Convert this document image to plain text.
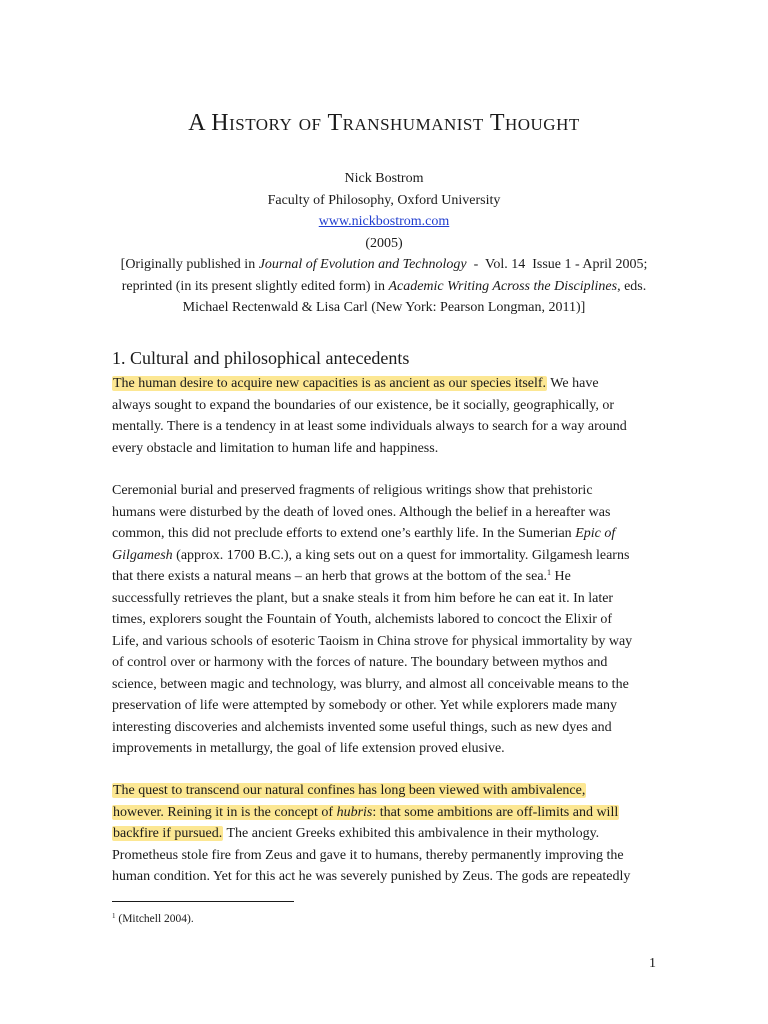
A History of Transhumanist Thought
Nick Bostrom
Faculty of Philosophy, Oxford University
www.nickbostrom.com
(2005)
[Originally published in Journal of Evolution and Technology  -  Vol. 14  Issue 1 - April 2005;
reprinted (in its present slightly edited form) in Academic Writing Across the Disciplines, eds.
Michael Rectenwald & Lisa Carl (New York: Pearson Longman, 2011)]
1. Cultural and philosophical antecedents

The human desire to acquire new capacities is as ancient as our species itself. We have
always sought to expand the boundaries of our existence, be it socially, geographically, or
mentally. There is a tendency in at least some individuals always to search for a way around
every obstacle and limitation to human life and happiness.

Ceremonial burial and preserved fragments of religious writings show that prehistoric
humans were disturbed by the death of loved ones. Although the belief in a hereafter was
common, this did not preclude efforts to extend one’s earthly life. In the Sumerian Epic of
Gilgamesh (approx. 1700 B.C.), a king sets out on a quest for immortality. Gilgamesh learns
that there exists a natural means – an herb that grows at the bottom of the sea.$^1$ He
successfully retrieves the plant, but a snake steals it from him before he can eat it. In later
times, explorers sought the Fountain of Youth, alchemists labored to concoct the Elixir of
Life, and various schools of esoteric Taoism in China strove for physical immortality by way
of control over or harmony with the forces of nature. The boundary between mythos and
science, between magic and technology, was blurry, and almost all conceivable means to the
preservation of life were attempted by somebody or other. Yet while explorers made many
interesting discoveries and alchemists invented some useful things, such as new dyes and
improvements in metallurgy, the goal of life extension proved elusive.

The quest to transcend our natural confines has long been viewed with ambivalence,
however. Reining it in is the concept of hubris: that some ambitions are off-limits and will
backfire if pursued. The ancient Greeks exhibited this ambivalence in their mythology.
Prometheus stole fire from Zeus and gave it to humans, thereby permanently improving the
human condition. Yet for this act he was severely punished by Zeus. The gods are repeatedly

$^1$ (Mitchell 2004).
1
